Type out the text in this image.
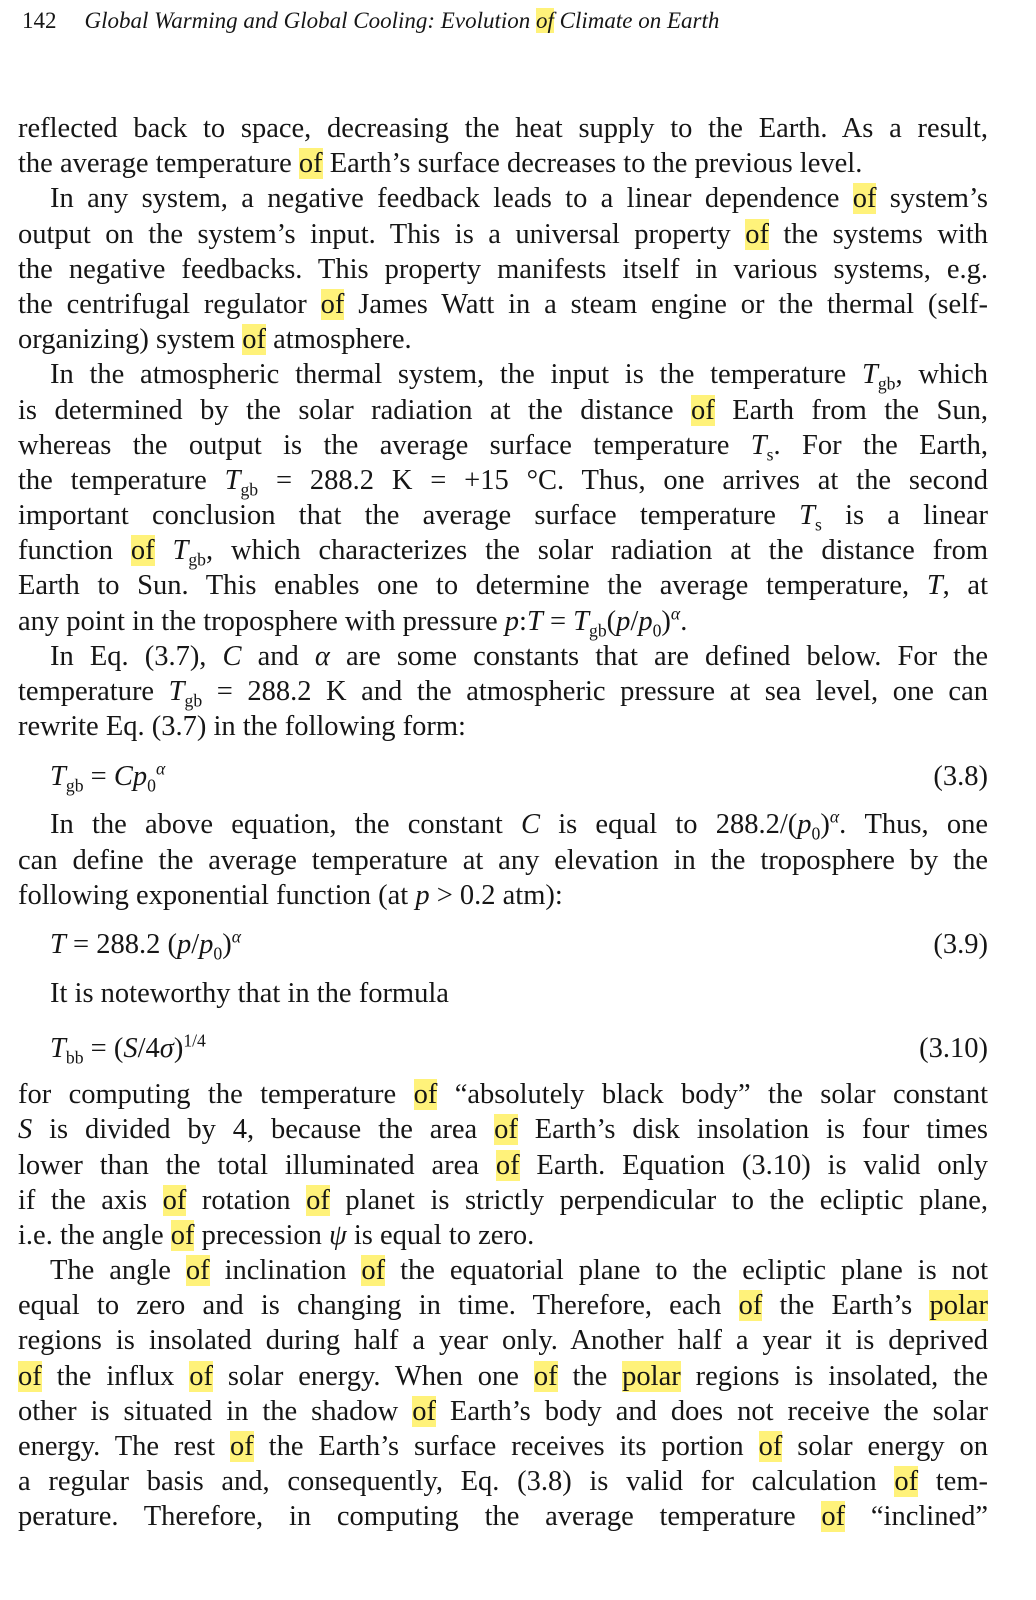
142 Global Warming and Global Cooling: Evolution of Climate on Earth
reflected back to space, decreasing the heat supply to the Earth. As a result,
the average temperature of Earth’s surface decreases to the previous level.
In any system, a negative feedback leads to a linear dependence of system’s
output on the system’s input. This is a universal property of the systems with
the negative feedbacks. This property manifests itself in various systems, e.g.
the centrifugal regulator of James Watt in a steam engine or the thermal (self-
organizing) system of atmosphere.
In the atmospheric thermal system, the input is the temperature $T_{gb}$, which
is determined by the solar radiation at the distance of Earth from the Sun,
whereas the output is the average surface temperature $T_s$. For the Earth,
the temperature $T_{gb} = 288.2$ K = +15 °C. Thus, one arrives at the second
important conclusion that the average surface temperature $T_s$ is a linear
function of $T_{gb}$, which characterizes the solar radiation at the distance from
Earth to Sun. This enables one to determine the average temperature, T, at
any point in the troposphere with pressure p:T = $T_{gb}(p/p_0)^\alpha$.
In Eq. (3.7), C and α are some constants that are defined below. For the
temperature $T_{gb} = 288.2$ K and the atmospheric pressure at sea level, one can
rewrite Eq. (3.7) in the following form:
$T_{gb} = Cp_0^\alpha$	(3.8)
In the above equation, the constant C is equal to $288.2/(p_0)^\alpha$. Thus, one
can define the average temperature at any elevation in the troposphere by the
following exponential function (at p > 0.2 atm):
T = 288.2 $(p/p_0)^\alpha$	(3.9)
It is noteworthy that in the formula
$T_{bb} = (S/4\sigma)^{1/4}$	(3.10)
for computing the temperature of “absolutely black body” the solar constant
S is divided by 4, because the area of Earth’s disk insolation is four times
lower than the total illuminated area of Earth. Equation (3.10) is valid only
if the axis of rotation of planet is strictly perpendicular to the ecliptic plane,
i.e. the angle of precession ψ is equal to zero.
The angle of inclination of the equatorial plane to the ecliptic plane is not
equal to zero and is changing in time. Therefore, each of the Earth’s polar
regions is insolated during half a year only. Another half a year it is deprived
of the influx of solar energy. When one of the polar regions is insolated, the
other is situated in the shadow of Earth’s body and does not receive the solar
energy. The rest of the Earth’s surface receives its portion of solar energy on
a regular basis and, consequently, Eq. (3.8) is valid for calculation of tem-
perature. Therefore, in computing the average temperature of “inclined”
